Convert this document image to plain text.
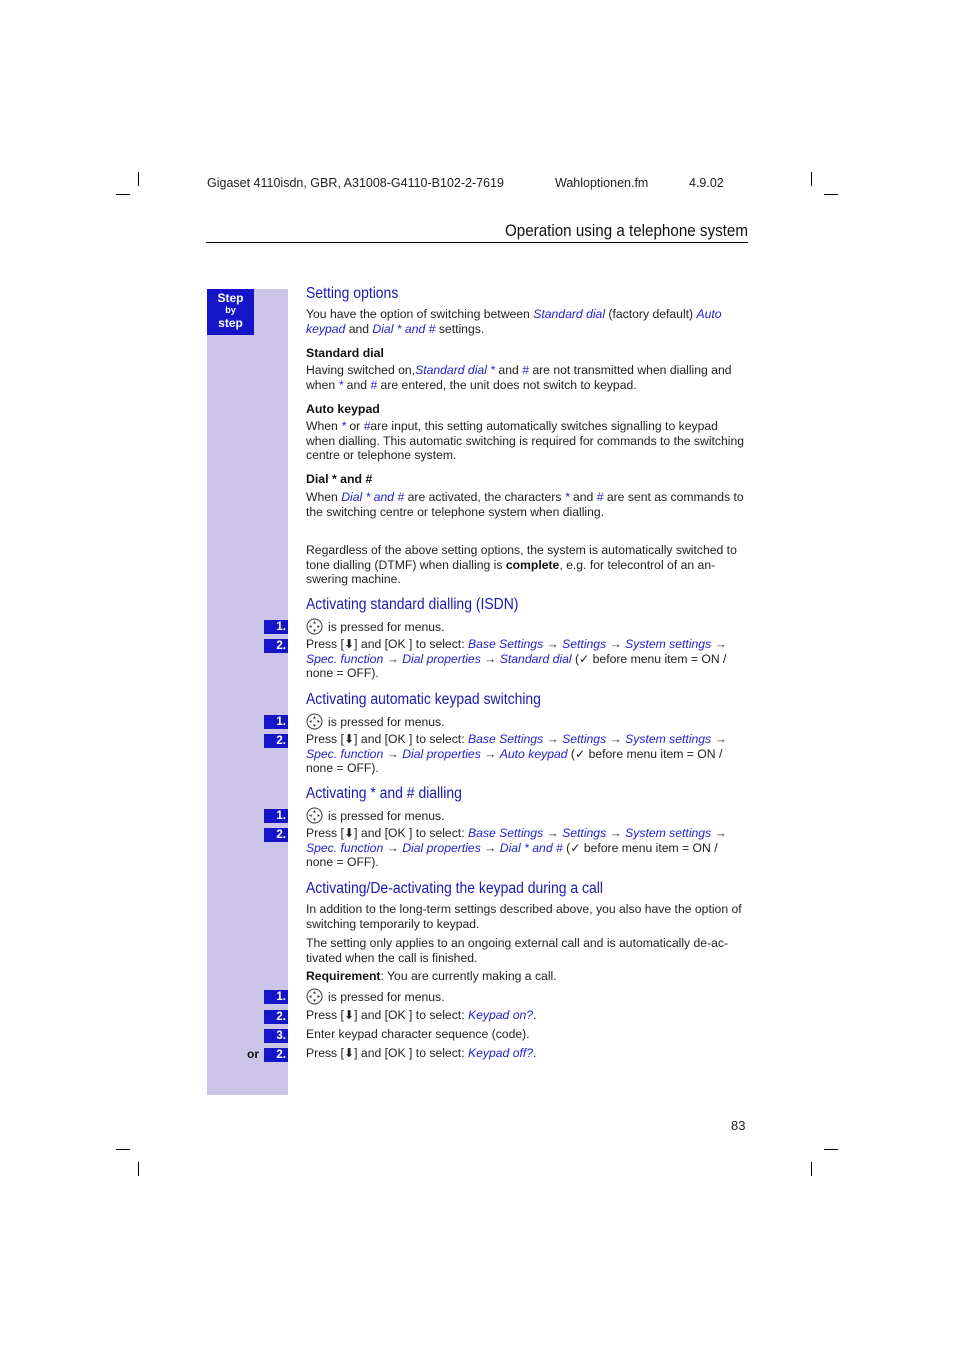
Gigaset 4110isdn, GBR, A31008-G4110-B102-2-7619	Wahloptionen.fm	4.9.02
Operation using a telephone system
Step
by
step
Setting options
You have the option of switching between Standard dial (factory default) Auto keypad and Dial * and # settings.
Standard dial
Having switched on,Standard dial * and # are not transmitted when dialling and when * and # are entered, the unit does not switch to keypad.
Auto keypad
When * or #are input, this setting automatically switches signalling to keypad when dialling. This automatic switching is required for commands to the switching centre or telephone system.
Dial * and #
When Dial * and # are activated, the characters * and # are sent as commands to the switching centre or telephone system when dialling.
Regardless of the above setting options, the system is automatically switched to tone dialling (DTMF) when dialling is complete, e.g. for telecontrol of an an-swering machine.
Activating standard dialling (ISDN)
1.	is pressed for menus.
2. Press [⬇] and [OK ] to select: Base Settings → Settings → System settings → Spec. function → Dial properties → Standard dial (✓ before menu item = ON / none = OFF).
Activating automatic keypad switching
1.	is pressed for menus.
2. Press [⬇] and [OK ] to select: Base Settings → Settings → System settings → Spec. function → Dial properties → Auto keypad (✓ before menu item = ON / none = OFF).
Activating * and # dialling
1.	is pressed for menus.
2. Press [⬇] and [OK ] to select: Base Settings → Settings → System settings → Spec. function → Dial properties → Dial * and # (✓ before menu item = ON / none = OFF).
Activating/De-activating the keypad during a call
In addition to the long-term settings described above, you also have the option of switching temporarily to keypad.
The setting only applies to an ongoing external call and is automatically de-ac-tivated when the call is finished.
Requirement: You are currently making a call.
1.	is pressed for menus.
2. Press [⬇] and [OK ] to select: Keypad on?.
3. Enter keypad character sequence (code).
or	2. Press [⬇] and [OK ] to select: Keypad off?.
83
